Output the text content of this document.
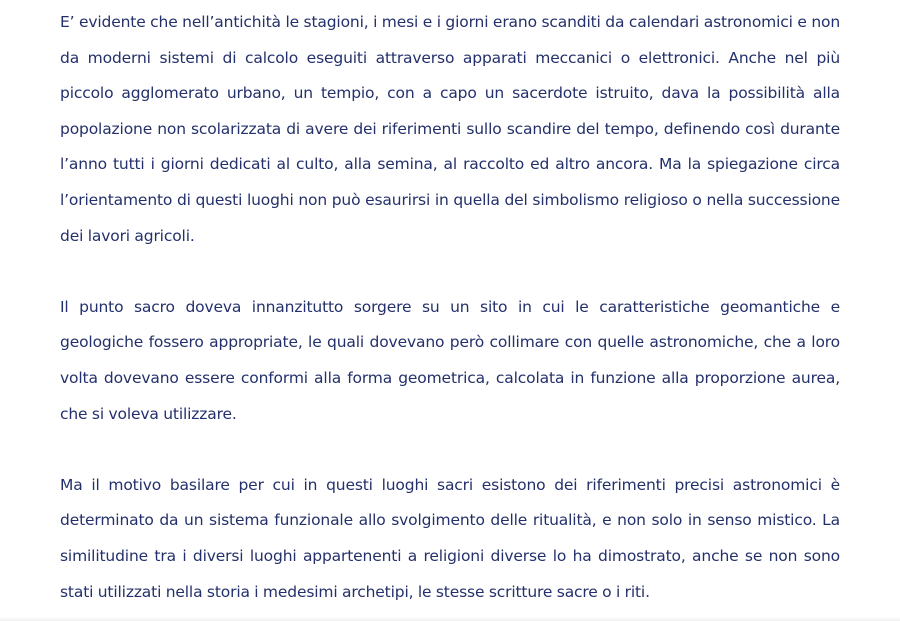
E’ evidente che nell’antichità le stagioni, i mesi e i giorni erano scanditi da calendari astronomici e non da moderni sistemi di calcolo eseguiti attraverso apparati meccanici o elettronici. Anche nel più piccolo agglomerato urbano, un tempio, con a capo un sacerdote istruito, dava la possibilità alla popolazione non scolarizzata di avere dei riferimenti sullo scandire del tempo, definendo così durante l’anno tutti i giorni dedicati al culto, alla semina, al raccolto ed altro ancora. Ma la spiegazione circa l’orientamento di questi luoghi non può esaurirsi in quella del simbolismo religioso o nella successione dei lavori agricoli.

Il punto sacro doveva innanzitutto sorgere su un sito in cui le caratteristiche geomantiche e geologiche fossero appropriate, le quali dovevano però collimare con quelle astronomiche, che a loro volta dovevano essere conformi alla forma geometrica, calcolata in funzione alla proporzione aurea, che si voleva utilizzare.

Ma il motivo basilare per cui in questi luoghi sacri esistono dei riferimenti precisi astronomici è determinato da un sistema funzionale allo svolgimento delle ritualità, e non solo in senso mistico. La similitudine tra i diversi luoghi appartenenti a religioni diverse lo ha dimostrato, anche se non sono stati utilizzati nella storia i medesimi archetipi, le stesse scritture sacre o i riti.
